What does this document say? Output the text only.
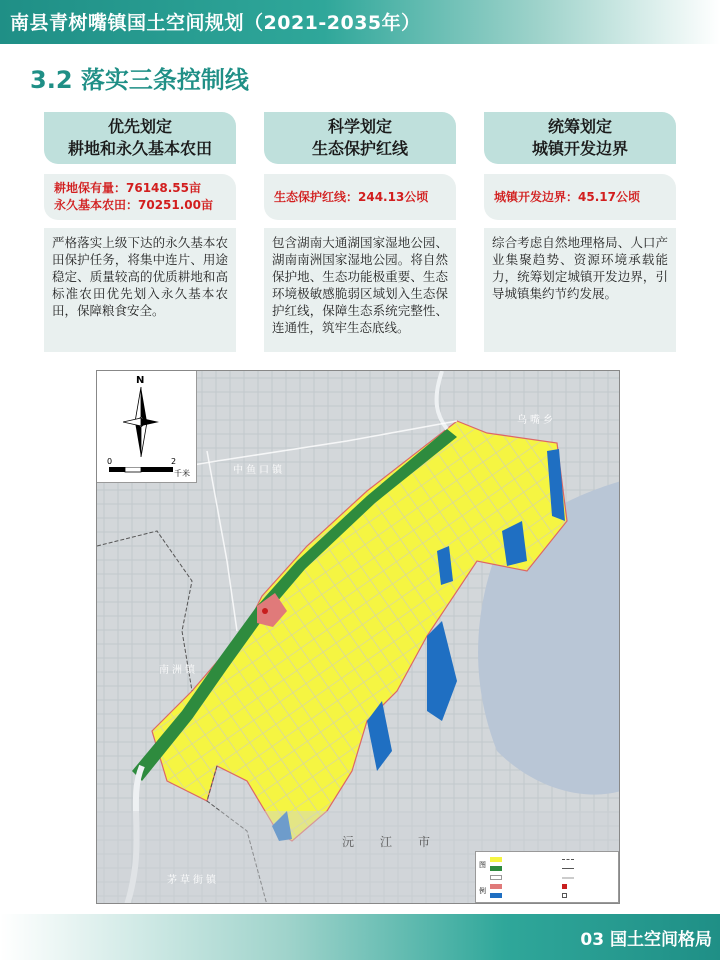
南县青树嘴镇国土空间规划（2021-2035年）
3.2 落实三条控制线
优先划定
耕地和永久基本农田
耕地保有量：76148.55亩
永久基本农田：70251.00亩
严格落实上级下达的永久基本农田保护任务，将集中连片、用途稳定、质量较高的优质耕地和高标准农田优先划入永久基本农田，保障粮食安全。
科学划定
生态保护红线
生态保护红线：244.13公顷
包含湖南大通湖国家湿地公园、湖南南洲国家湿地公园。将自然保护地、生态功能极重要、生态环境极敏感脆弱区域划入生态保护红线，保障生态系统完整性、连通性，筑牢生态底线。
统筹划定
城镇开发边界
城镇开发边界：45.17公顷
综合考虑自然地理格局、人口产业集聚趋势、资源环境承载能力，统筹划定城镇开发边界，引导城镇集约节约发展。
N
0	2
千米
乌嘴乡
中鱼口镇
南洲镇
沅江市
茅草街镇
图
例
03 国土空间格局
